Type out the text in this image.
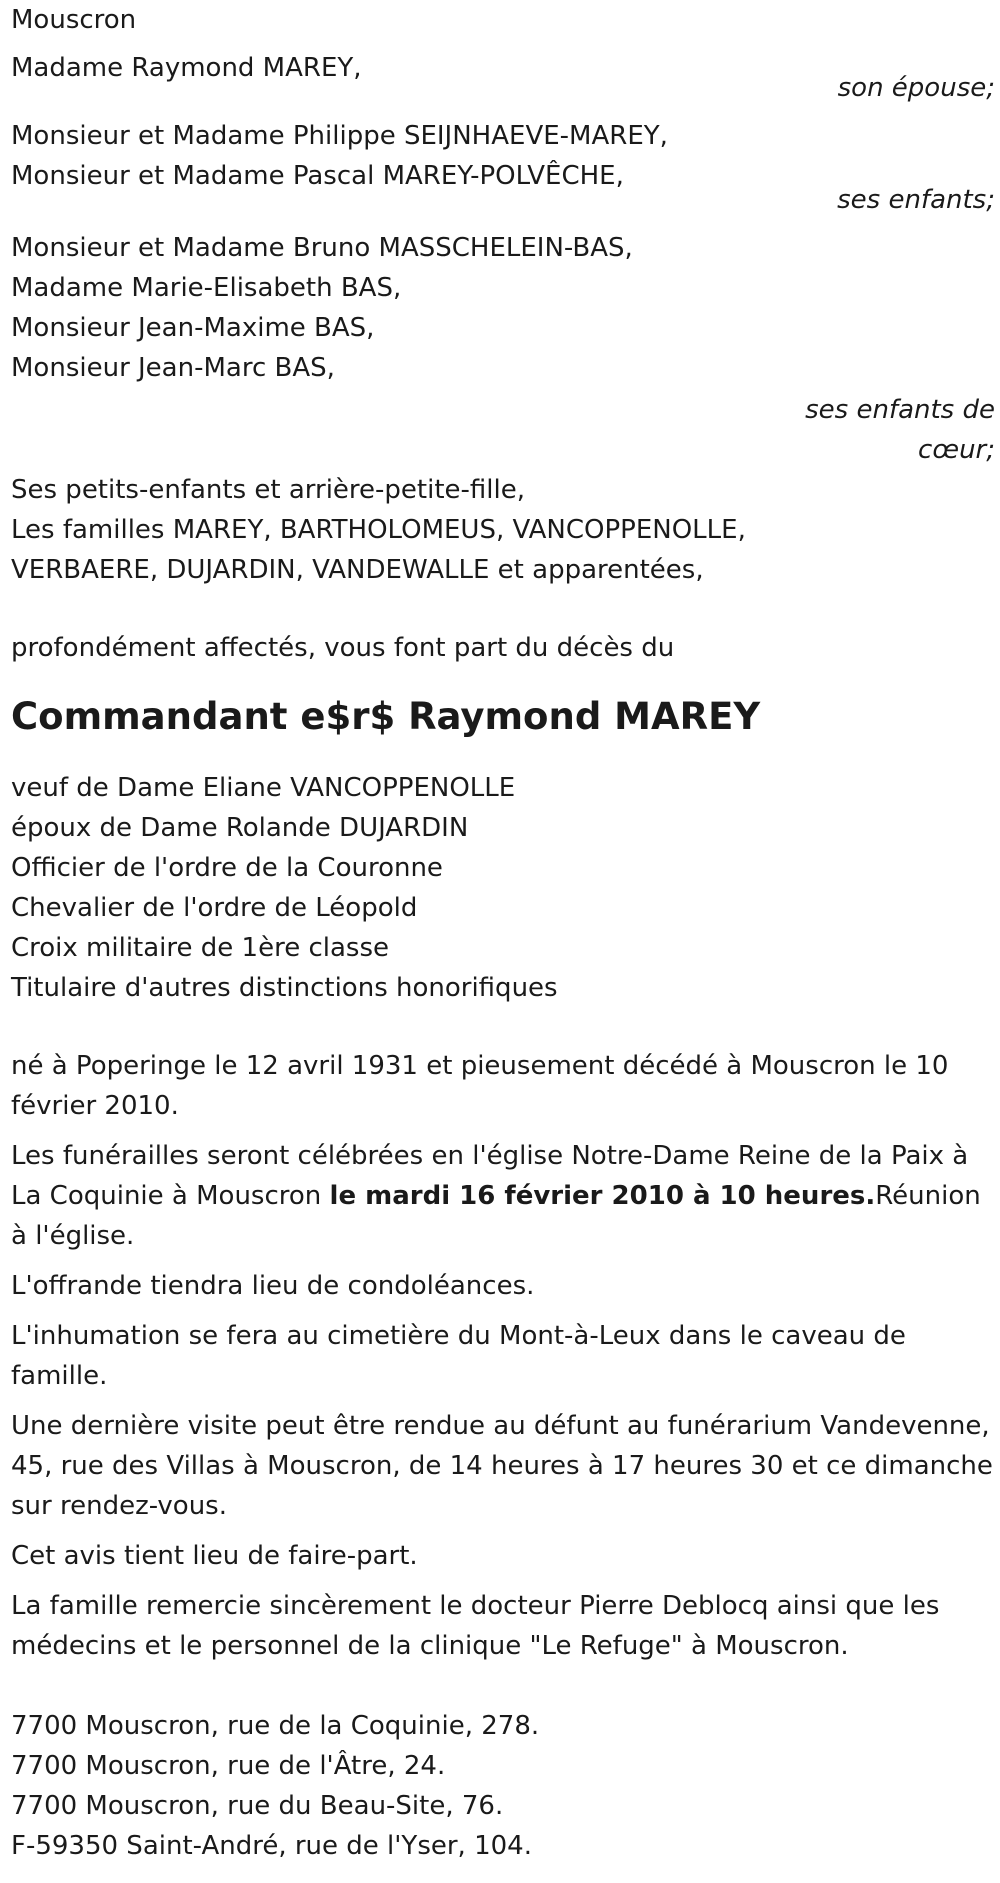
Mouscron
Madame Raymond MAREY,
son épouse;
Monsieur et Madame Philippe SEIJNHAEVE-MAREY,
Monsieur et Madame Pascal MAREY-POLVÊCHE,
ses enfants;
Monsieur et Madame Bruno MASSCHELEIN-BAS,
Madame Marie-Elisabeth BAS,
Monsieur Jean-Maxime BAS,
Monsieur Jean-Marc BAS,
ses enfants de
cœur;
Ses petits-enfants et arrière-petite-fille,
Les familles MAREY, BARTHOLOMEUS, VANCOPPENOLLE,
VERBAERE, DUJARDIN, VANDEWALLE et apparentées,
profondément affectés, vous font part du décès du
Commandant e$r$ Raymond MAREY
veuf de Dame Eliane VANCOPPENOLLE
époux de Dame Rolande DUJARDIN
Officier de l'ordre de la Couronne
Chevalier de l'ordre de Léopold
Croix militaire de 1ère classe
Titulaire d'autres distinctions honorifiques
né à Poperinge le 12 avril 1931 et pieusement décédé à Mouscron le 10 février 2010.
Les funérailles seront célébrées en l'église Notre-Dame Reine de la Paix à La Coquinie à Mouscron le mardi 16 février 2010 à 10 heures.Réunion à l'église.
L'offrande tiendra lieu de condoléances.
L'inhumation se fera au cimetière du Mont-à-Leux dans le caveau de famille.
Une dernière visite peut être rendue au défunt au funérarium Vandevenne, 45, rue des Villas à Mouscron, de 14 heures à 17 heures 30 et ce dimanche sur rendez-vous.
Cet avis tient lieu de faire-part.
La famille remercie sincèrement le docteur Pierre Deblocq ainsi que les médecins et le personnel de la clinique "Le Refuge" à Mouscron.
7700 Mouscron, rue de la Coquinie, 278.
7700 Mouscron, rue de l'Âtre, 24.
7700 Mouscron, rue du Beau-Site, 76.
F-59350 Saint-André, rue de l'Yser, 104.
